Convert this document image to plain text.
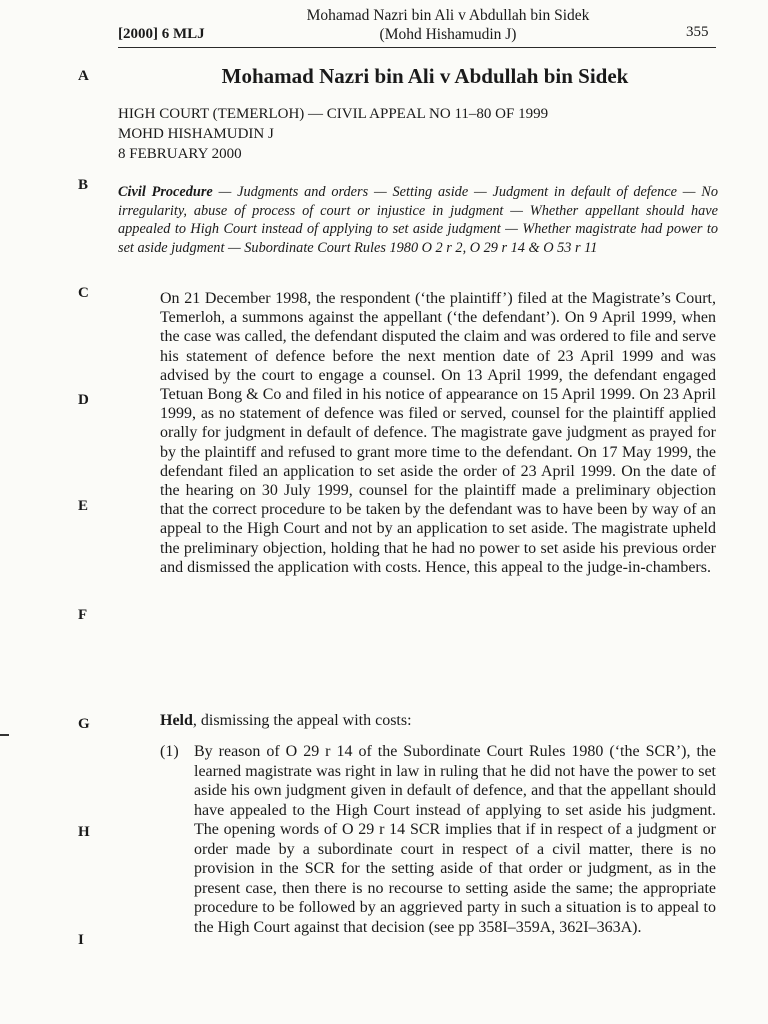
[2000] 6 MLJ
Mohamad Nazri bin Ali v Abdullah bin Sidek
(Mohd Hishamudin J)	355
A
B
C
D
E
F
G
H
I
Mohamad Nazri bin Ali v Abdullah bin Sidek
HIGH COURT (TEMERLOH) — CIVIL APPEAL NO 11–80 OF 1999
MOHD HISHAMUDIN J
8 FEBRUARY 2000
Civil Procedure — Judgments and orders — Setting aside — Judgment in default of defence — No irregularity, abuse of process of court or injustice in judgment — Whether appellant should have appealed to High Court instead of applying to set aside judgment — Whether magistrate had power to set aside judgment — Subordinate Court Rules 1980 O 2 r 2, O 29 r 14 & O 53 r 11
On 21 December 1998, the respondent (‘the plaintiff’) filed at the Magistrate’s Court, Temerloh, a summons against the appellant (‘the defendant’). On 9 April 1999, when the case was called, the defendant disputed the claim and was ordered to file and serve his statement of defence before the next mention date of 23 April 1999 and was advised by the court to engage a counsel. On 13 April 1999, the defendant engaged Tetuan Bong & Co and filed in his notice of appearance on 15 April 1999. On 23 April 1999, as no statement of defence was filed or served, counsel for the plaintiff applied orally for judgment in default of defence. The magistrate gave judgment as prayed for by the plaintiff and refused to grant more time to the defendant. On 17 May 1999, the defendant filed an application to set aside the order of 23 April 1999. On the date of the hearing on 30 July 1999, counsel for the plaintiff made a preliminary objection that the correct procedure to be taken by the defendant was to have been by way of an appeal to the High Court and not by an application to set aside. The magistrate upheld the preliminary objection, holding that he had no power to set aside his previous order and dismissed the application with costs. Hence, this appeal to the judge-in-chambers.
Held, dismissing the appeal with costs:
(1) By reason of O 29 r 14 of the Subordinate Court Rules 1980 (‘the SCR’), the learned magistrate was right in law in ruling that he did not have the power to set aside his own judgment given in default of defence, and that the appellant should have appealed to the High Court instead of applying to set aside his judgment. The opening words of O 29 r 14 SCR implies that if in respect of a judgment or order made by a subordinate court in respect of a civil matter, there is no provision in the SCR for the setting aside of that order or judgment, as in the present case, then there is no recourse to setting aside the same; the appropriate procedure to be followed by an aggrieved party in such a situation is to appeal to the High Court against that decision (see pp 358I–359A, 362I–363A).
